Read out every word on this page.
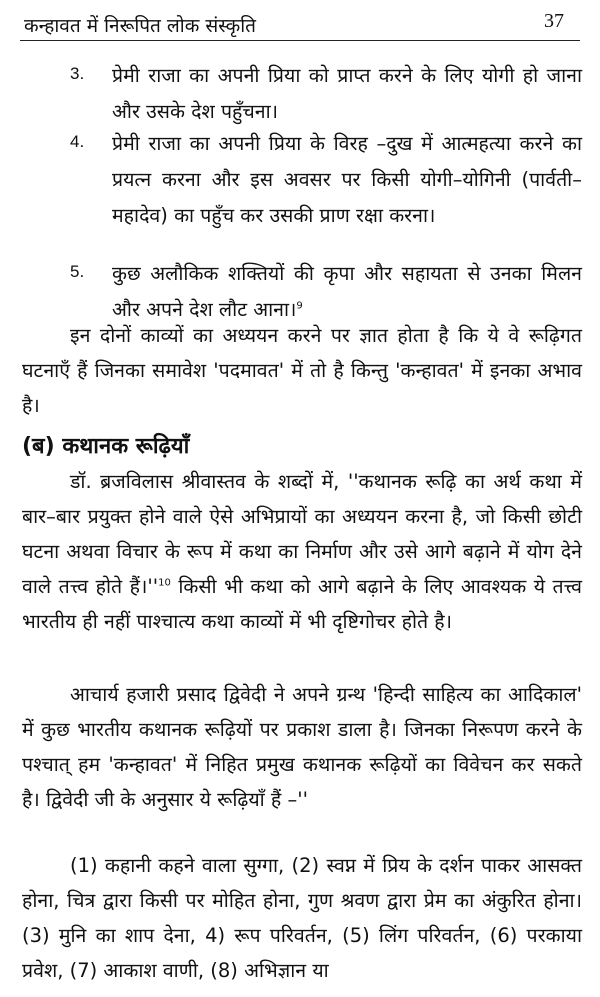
कन्हावत में निरूपित लोक संस्कृति	37
3. प्रेमी राजा का अपनी प्रिया को प्राप्त करने के लिए योगी हो जाना और उसके देश पहुँचना।
4. प्रेमी राजा का अपनी प्रिया के विरह –दुख में आत्महत्या करने का प्रयत्न करना और इस अवसर पर किसी योगी–योगिनी (पार्वती– महादेव) का पहुँच कर उसकी प्राण रक्षा करना।
5. कुछ अलौकिक शक्तियों की कृपा और सहायता से उनका मिलन और अपने देश लौट आना।$^9$

इन दोनों काव्यों का अध्ययन करने पर ज्ञात होता है कि ये वे रूढ़िगत घटनाएँ हैं जिनका समावेश 'पदमावत' में तो है किन्तु 'कन्हावत' में इनका अभाव है।

(ब) कथानक रूढ़ियाँ

डॉ. ब्रजविलास श्रीवास्तव के शब्दों में, ''कथानक रूढ़ि का अर्थ कथा में बार–बार प्रयुक्त होने वाले ऐसे अभिप्रायों का अध्ययन करना है, जो किसी छोटी घटना अथवा विचार के रूप में कथा का निर्माण और उसे आगे बढ़ाने में योग देने वाले तत्त्व होते $हैं।''^{10}$ किसी भी कथा को आगे बढ़ाने के लिए आवश्यक ये तत्त्व भारतीय ही नहीं पाश्चात्य कथा काव्यों में भी दृष्टिगोचर होते है।

आचार्य हजारी प्रसाद द्विवेदी ने अपने ग्रन्थ 'हिन्दी साहित्य का आदिकाल' में कुछ भारतीय कथानक रूढ़ियों पर प्रकाश डाला है। जिनका निरूपण करने के पश्चात् हम 'कन्हावत' में निहित प्रमुख कथानक रूढ़ियों का विवेचन कर सकते है। द्विवेदी जी के अनुसार ये रूढ़ियाँ हैं –''

(1) कहानी कहने वाला सुग्गा, (2) स्वप्न में प्रिय के दर्शन पाकर आसक्त होना, चित्र द्वारा किसी पर मोहित होना, गुण श्रवण द्वारा प्रेम का अंकुरित होना। (3) मुनि का शाप देना, 4) रूप परिवर्तन, (5) लिंग परिवर्तन, (6) परकाया प्रवेश, (7) आकाश वाणी, (8) अभिज्ञान या
